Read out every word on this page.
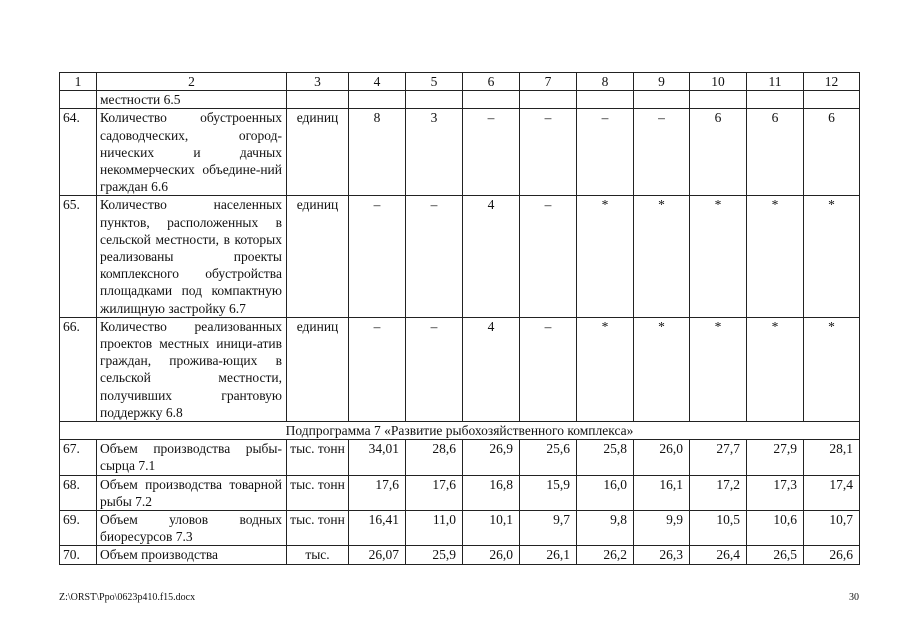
1	2	3	4	5	6	7	8	9	10	11	12
	местности 6.5										
64.	Количество обустроенных садоводческих, огород-нических и дачных некоммерческих объедине-ний граждан 6.6	единиц	8	3	–	–	–	–	6	6	6
65.	Количество населенных пунктов, расположенных в сельской местности, в которых реализованы проекты комплексного обустройства площадками под компактную жилищную застройку 6.7	единиц	–	–	4	–	*	*	*	*	*
66.	Количество реализованных проектов местных иници-атив граждан, прожива-ющих в сельской местности, получивших грантовую поддержку 6.8	единиц	–	–	4	–	*	*	*	*	*
Подпрограмма 7 «Развитие рыбохозяйственного комплекса»											
67.	Объем производства рыбы-сырца 7.1	тыс. тонн	34,01	28,6	26,9	25,6	25,8	26,0	27,7	27,9	28,1
68.	Объем производства товарной рыбы 7.2	тыс. тонн	17,6	17,6	16,8	15,9	16,0	16,1	17,2	17,3	17,4
69.	Объем уловов водных биоресурсов 7.3	тыс. тонн	16,41	11,0	10,1	9,7	9,8	9,9	10,5	10,6	10,7
70.	Объем производства	тыс.	26,07	25,9	26,0	26,1	26,2	26,3	26,4	26,5	26,6
Z:\ORST\Ppo\0623p410.f15.docx	30
